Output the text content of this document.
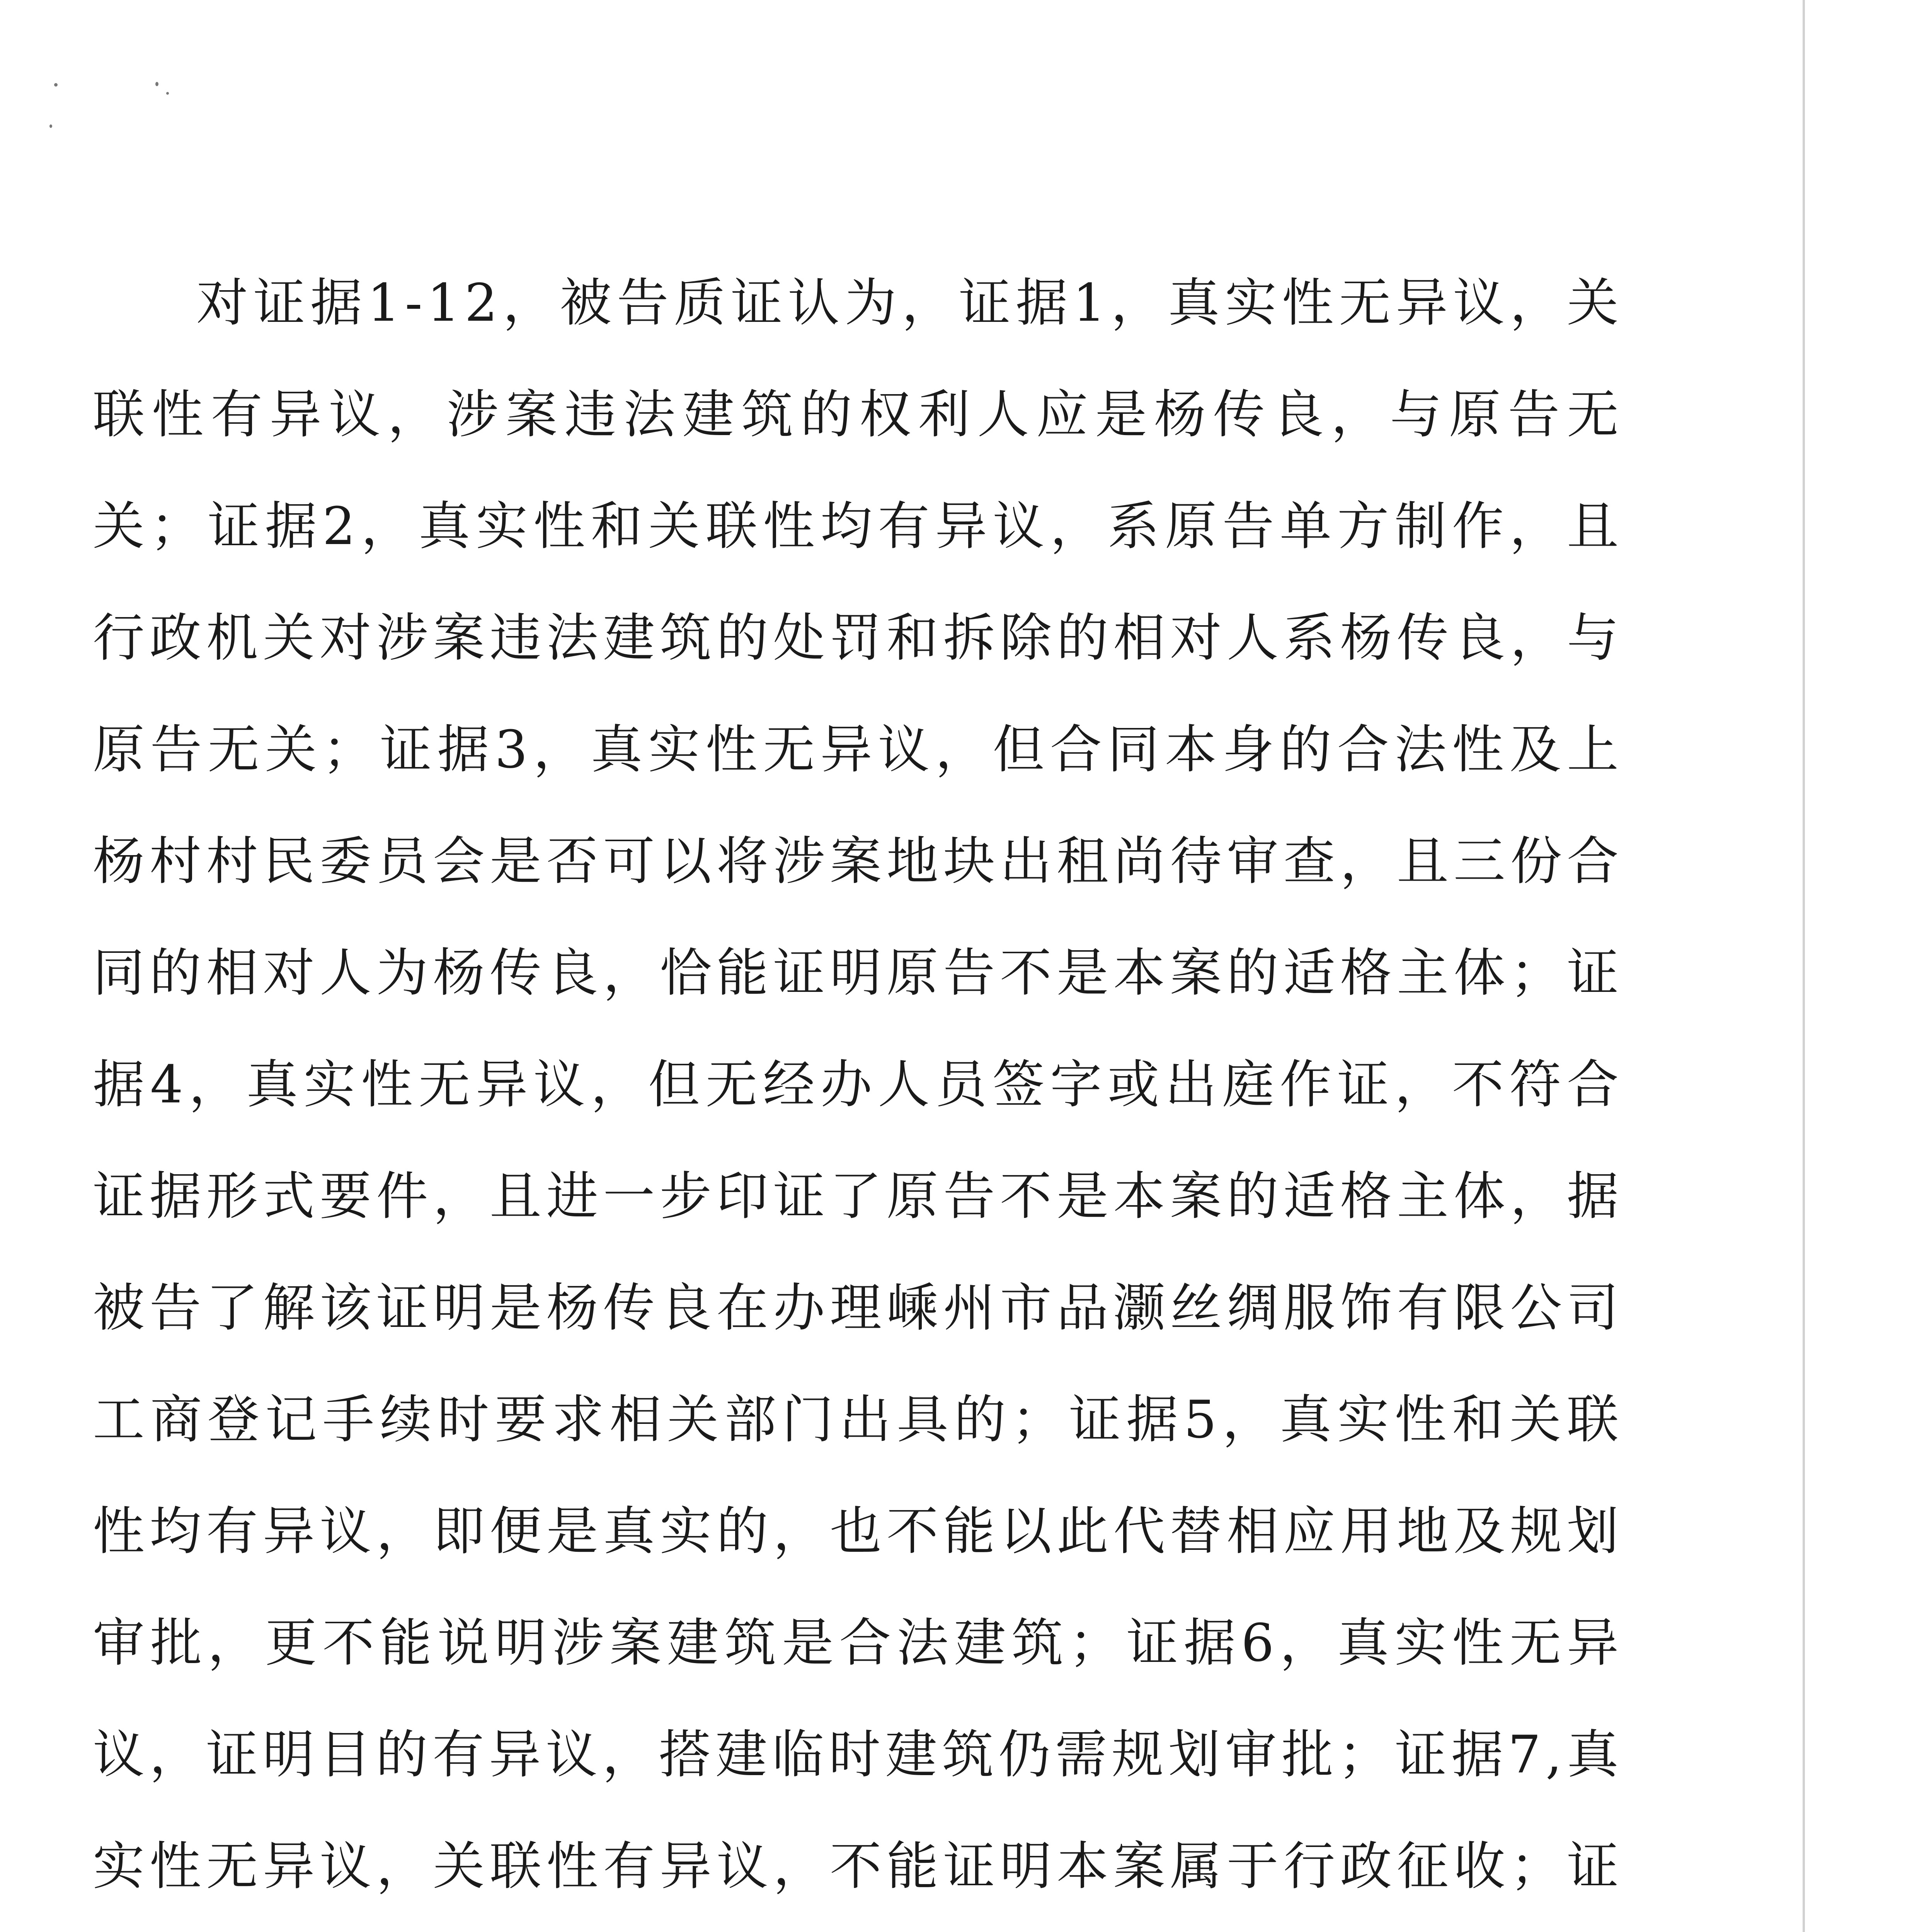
对证据1-12，被告质证认为，证据1，真实性无异议，关联性有异议，涉案违法建筑的权利人应是杨传良，与原告无关；证据2，真实性和关联性均有异议，系原告单方制作，且行政机关对涉案违法建筑的处罚和拆除的相对人系杨传良，与原告无关；证据3，真实性无异议，但合同本身的合法性及上杨村村民委员会是否可以将涉案地块出租尚待审查，且三份合同的相对人为杨传良，恰能证明原告不是本案的适格主体；证据4，真实性无异议，但无经办人员签字或出庭作证，不符合证据形式要件，且进一步印证了原告不是本案的适格主体，据被告了解该证明是杨传良在办理嵊州市品灏丝绸服饰有限公司工商登记手续时要求相关部门出具的；证据5，真实性和关联性均有异议，即便是真实的，也不能以此代替相应用地及规划审批，更不能说明涉案建筑是合法建筑；证据6，真实性无异议，证明目的有异议，搭建临时建筑仍需规划审批；证据7,真实性无异议，关联性有异议，不能证明本案属于行政征收；证
